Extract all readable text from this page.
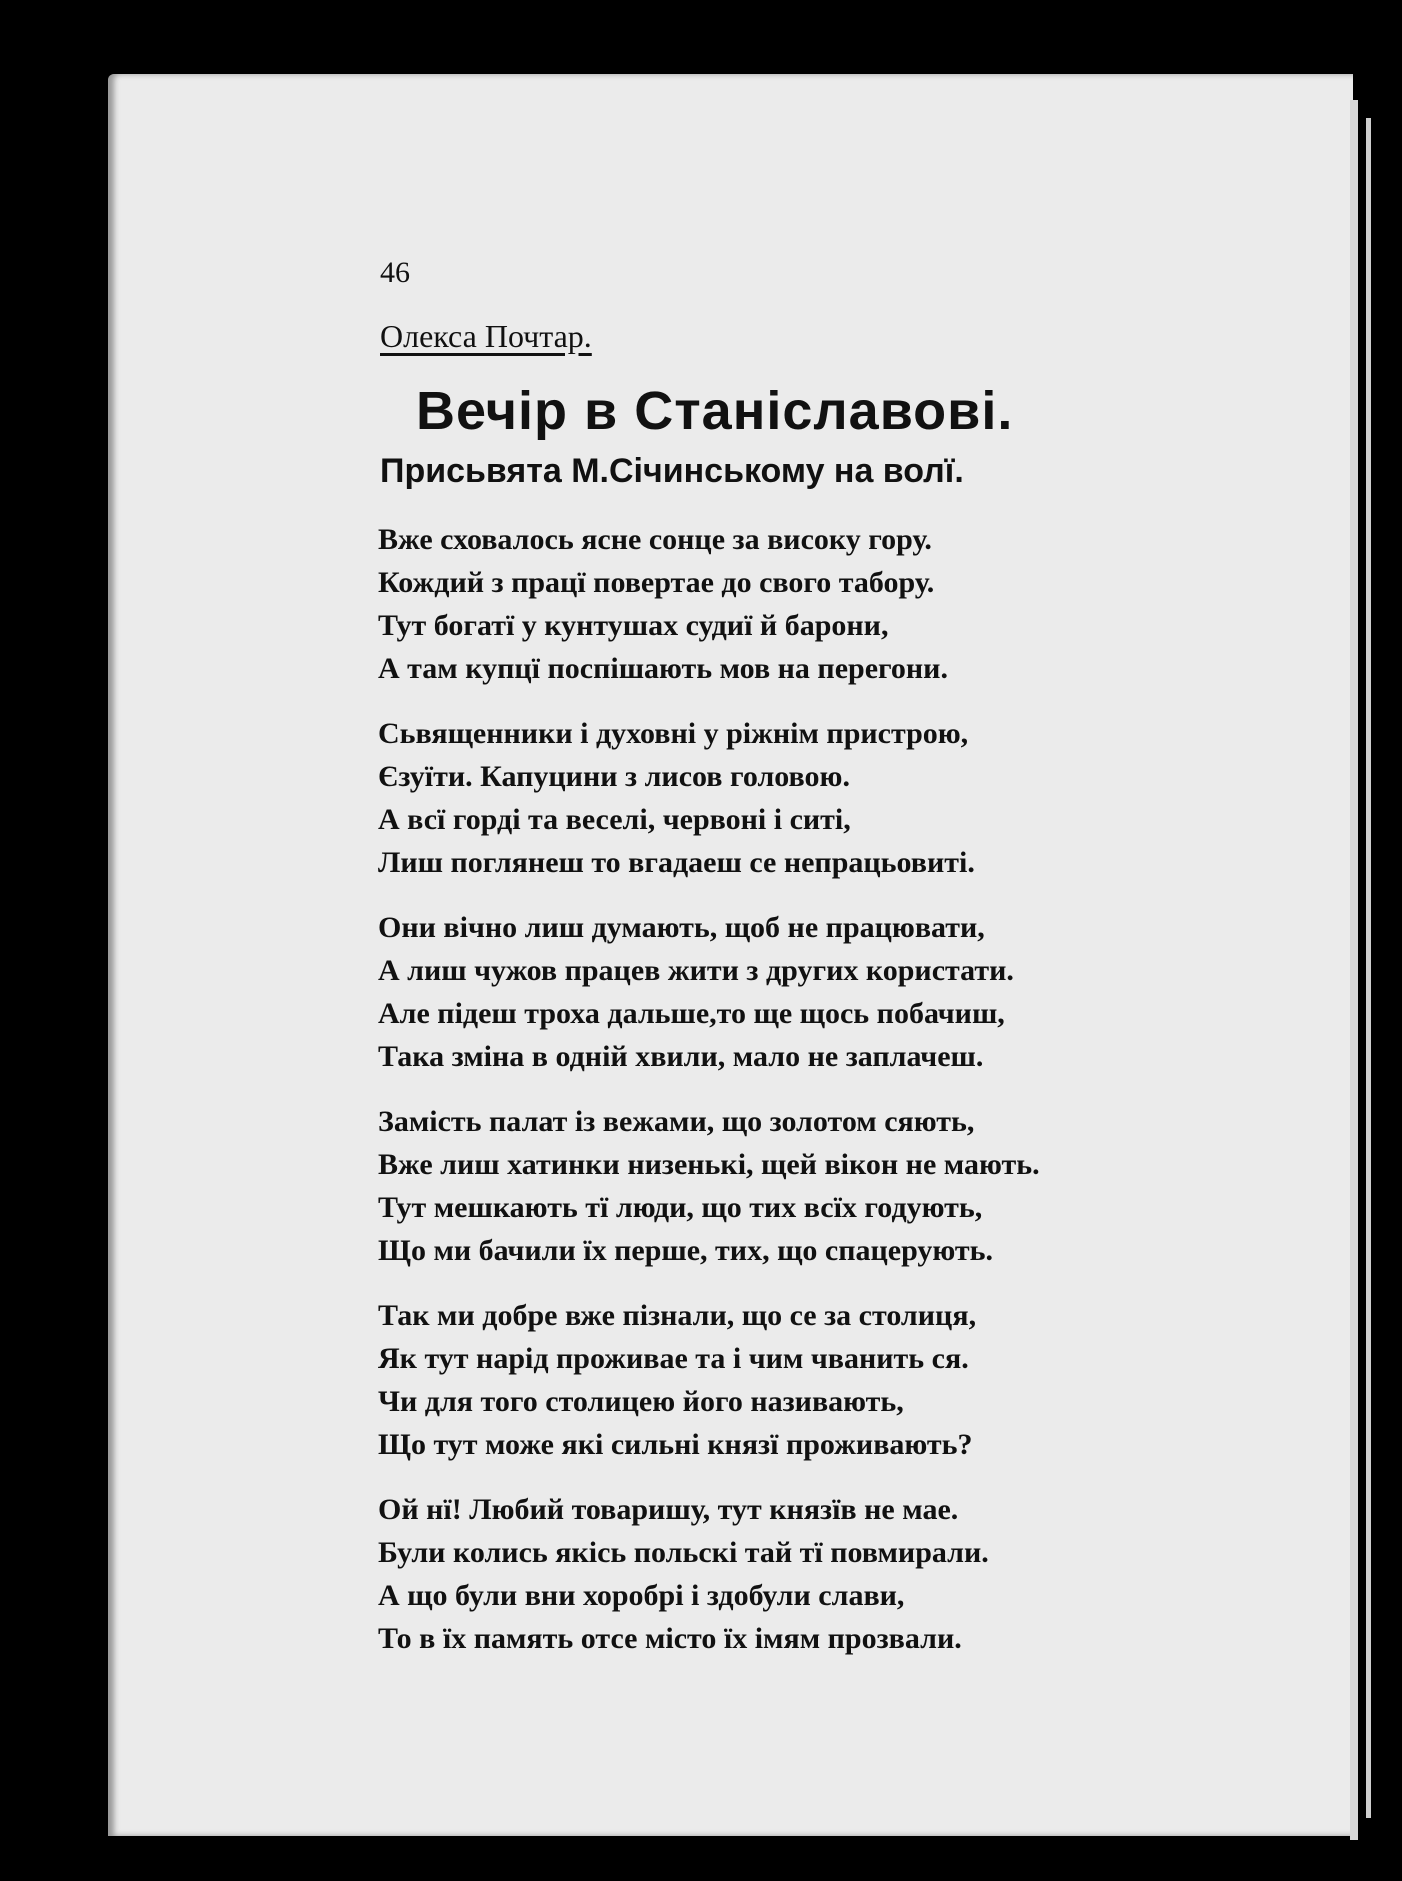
46
Олекса Почтар.
Вечір в Станіславові.
Присьвята М.Січинському на волї.
Вже сховалось ясне сонце за високу гору.
Кождий з працї повертае до свого табору.
Тут богатї у кунтушах судиї й барони,
А там купцї поспішають мов на перегони.
Сьвященники і духовні у ріжнім пристрою,
Єзуїти. Капуцини з лисов головою.
А всї горді та веселі, червоні і ситі,
Лиш поглянеш то вгадаеш се непрацьовиті.
Они вічно лиш думають, щоб не працювати,
А лиш чужов працев жити з других користати.
Але підеш троха дальше,то ще щось побачиш,
Така зміна в одній хвили, мало не заплачеш.
Замість палат із вежами, що золотом сяють,
Вже лиш хатинки низенькі, щей вікон не мають.
Тут мешкають тї люди, що тих всїх годують,
Що ми бачили їх перше, тих, що спацерують.
Так ми добре вже пізнали, що се за столиця,
Як тут нарід проживае та і чим чванить ся.
Чи для того столицею його називають,
Що тут може які сильні князї проживають?
Ой нї! Любий товаришу, тут князїв не мае.
Були колись якісь польскі тай тї повмирали.
А що були вни хоробрі і здобули слави,
То в їх память отсе місто їх імям прозвали.
